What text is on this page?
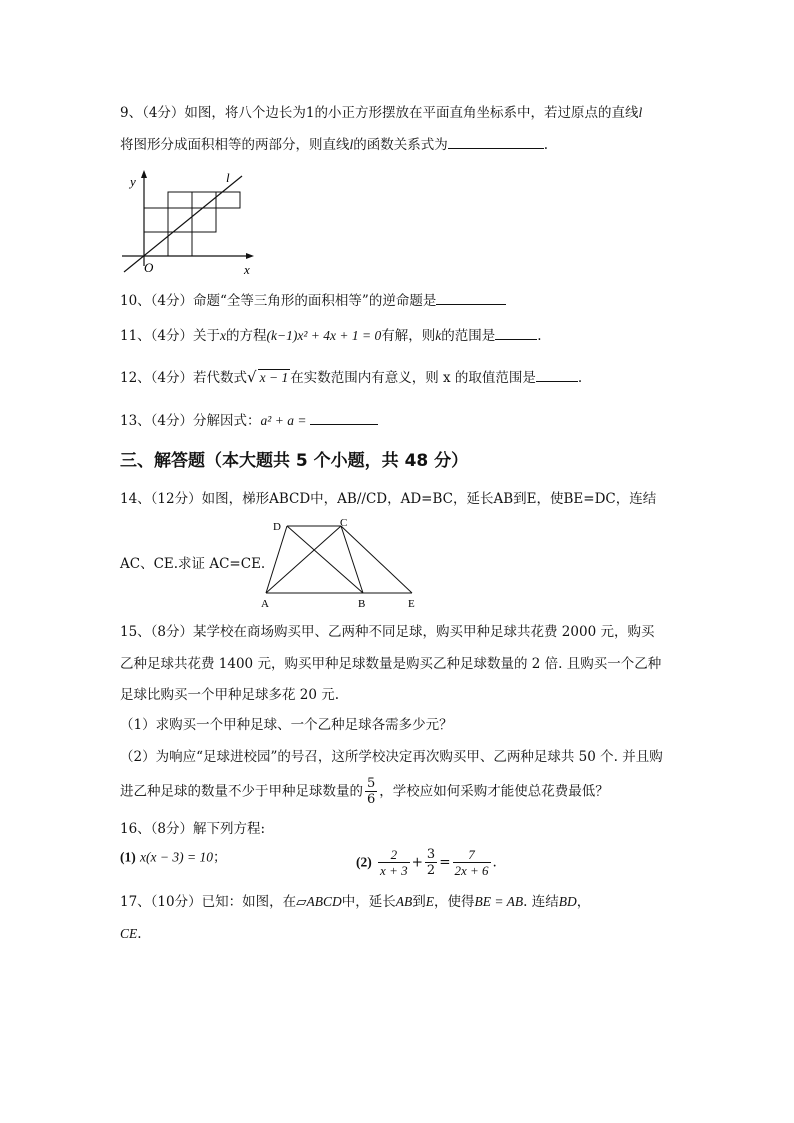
9、（4分）如图，将八个边长为1的小正方形摆放在平面直角坐标系中，若过原点的直线l
将图形分成面积相等的两部分，则直线l的函数关系式为	.
y
x
O
l
10、（4分）命题“全等三角形的面积相等”的逆命题是
11、（4分）关于x的方程(k−1)x² + 4x + 1 = 0有解，则k的范围是	.
12、（4分）若代数式√ x − 1 在实数范围内有意义，则 x 的取值范围是	.
13、（4分）分解因式：a² + a =
三、解答题（本大题共 5 个小题，共 48 分）
14、（12分）如图，梯形ABCD中，AB//CD，AD=BC，延长AB到E，使BE=DC，连结
D	C
A	B	E
AC、CE.求证 AC=CE.
15、（8分）某学校在商场购买甲、乙两种不同足球，购买甲种足球共花费 2000 元，购买
乙种足球共花费 1400 元，购买甲种足球数量是购买乙种足球数量的 2 倍. 且购买一个乙种
足球比购买一个甲种足球多花 20 元.
（1）求购买一个甲种足球、一个乙种足球各需多少元？
（2）为响应“足球进校园”的号召，这所学校决定再次购买甲、乙两种足球共 50 个. 并且购
进乙种足球的数量不少于甲种足球数量的 $\frac{5}{6}$ ，学校应如何采购才能使总花费最低？
16、（8分）解下列方程:
(1) x(x − 3) = 10；	$(2) \frac{2}{x + 3} + \frac{3}{2} = \frac{7}{2x + 6}$ .
17、（10分）已知：如图，在▱ABCD中，延长AB到E，使得BE = AB. 连结BD，
CE.
